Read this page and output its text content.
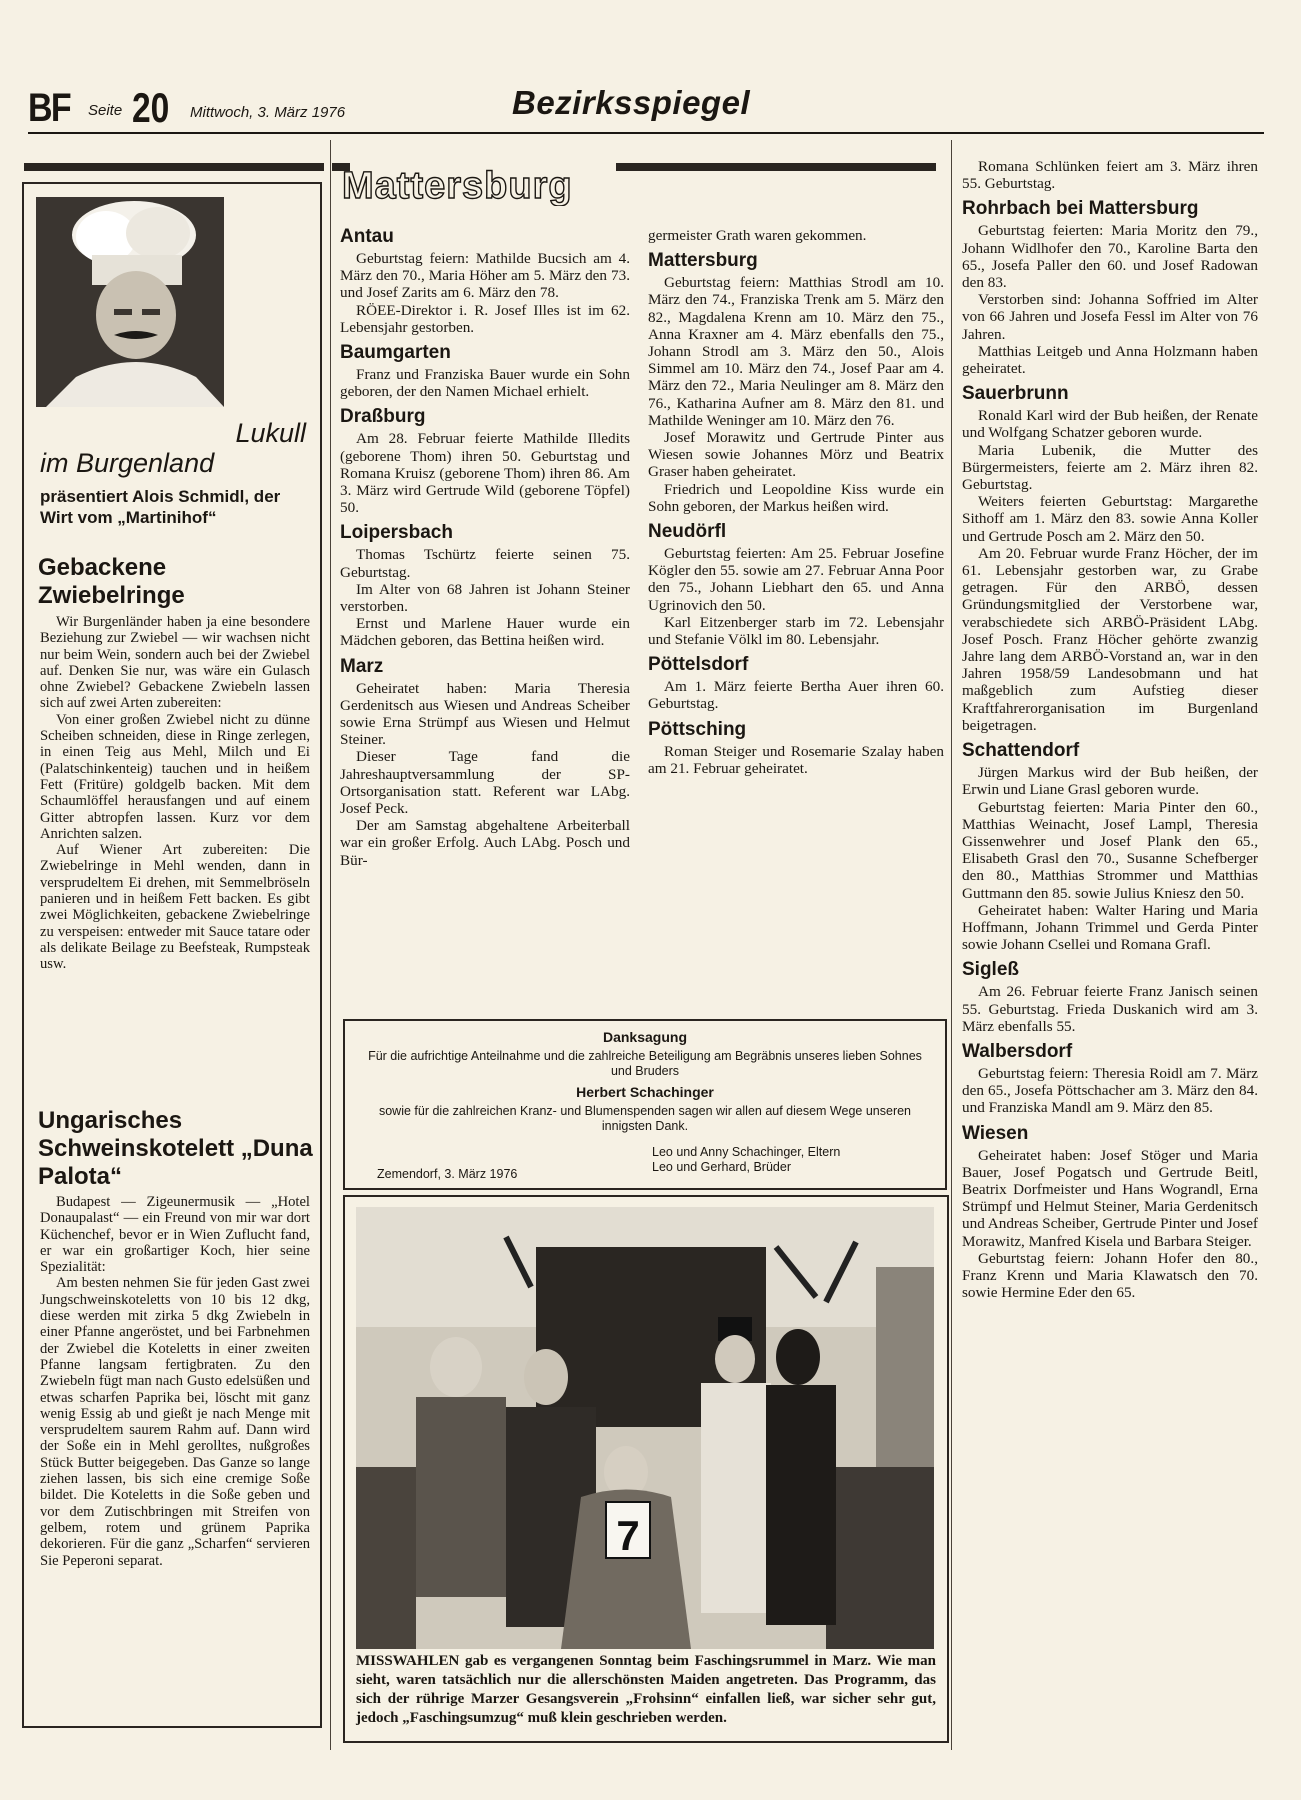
BF Seite 20 Mittwoch, 3. März 1976	Bezirksspiegel
Lukull
im Burgenland
präsentiert Alois Schmidl, der Wirt vom „Martinihof“
Gebackene Zwiebelringe

Wir Burgenländer haben ja eine besondere Beziehung zur Zwiebel — wir wachsen nicht nur beim Wein, sondern auch bei der Zwiebel auf. Denken Sie nur, was wäre ein Gulasch ohne Zwiebel? Gebackene Zwiebeln lassen sich auf zwei Arten zubereiten:

Von einer großen Zwiebel nicht zu dünne Scheiben schneiden, diese in Ringe zerlegen, in einen Teig aus Mehl, Milch und Ei (Palatschinkenteig) tauchen und in heißem Fett (Fritüre) goldgelb backen. Mit dem Schaumlöffel herausfangen und auf einem Gitter abtropfen lassen. Kurz vor dem Anrichten salzen.

Auf Wiener Art zubereiten: Die Zwiebelringe in Mehl wenden, dann in versprudeltem Ei drehen, mit Semmelbröseln panieren und in heißem Fett backen. Es gibt zwei Möglichkeiten, gebackene Zwiebelringe zu verspeisen: entweder mit Sauce tatare oder als delikate Beilage zu Beefsteak, Rumpsteak usw.

Ungarisches Schweinskotelett „Duna Palota“

Budapest — Zigeunermusik — „Hotel Donaupalast“ — ein Freund von mir war dort Küchenchef, bevor er in Wien Zuflucht fand, er war ein großartiger Koch, hier seine Spezialität:

Am besten nehmen Sie für jeden Gast zwei Jungschweinskoteletts von 10 bis 12 dkg, diese werden mit zirka 5 dkg Zwiebeln in einer Pfanne angeröstet, und bei Farbnehmen der Zwiebel die Koteletts in einer zweiten Pfanne langsam fertigbraten. Zu den Zwiebeln fügt man nach Gusto edelsüßen und etwas scharfen Paprika bei, löscht mit ganz wenig Essig ab und gießt je nach Menge mit versprudeltem saurem Rahm auf. Dann wird der Soße ein in Mehl gerolltes, nußgroßes Stück Butter beigegeben. Das Ganze so lange ziehen lassen, bis sich eine cremige Soße bildet. Die Koteletts in die Soße geben und vor dem Zutischbringen mit Streifen von gelbem, rotem und grünem Paprika dekorieren. Für die ganz „Scharfen“ servieren Sie Peperoni separat.

Mattersburg
Antau

Geburtstag feiern: Mathilde Bucsich am 4. März den 70., Maria Höher am 5. März den 73. und Josef Zarits am 6. März den 78.

RÖEE-Direktor i. R. Josef Illes ist im 62. Lebensjahr gestorben.

Baumgarten

Franz und Franziska Bauer wurde ein Sohn geboren, der den Namen Michael erhielt.

Draßburg

Am 28. Februar feierte Mathilde Illedits (geborene Thom) ihren 50. Geburtstag und Romana Kruisz (geborene Thom) ihren 86. Am 3. März wird Gertrude Wild (geborene Töpfel) 50.

Loipersbach

Thomas Tschürtz feierte seinen 75. Geburtstag.

Im Alter von 68 Jahren ist Johann Steiner verstorben.

Ernst und Marlene Hauer wurde ein Mädchen geboren, das Bettina heißen wird.

Marz

Geheiratet haben: Maria Theresia Gerdenitsch aus Wiesen und Andreas Scheiber sowie Erna Strümpf aus Wiesen und Helmut Steiner.

Dieser Tage fand die Jahreshauptversammlung der SP-Ortsorganisation statt. Referent war LAbg. Josef Peck.

Der am Samstag abgehaltene Arbeiterball war ein großer Erfolg. Auch LAbg. Posch und Bür-

germeister Grath waren gekommen.

Mattersburg

Geburtstag feiern: Matthias Strodl am 10. März den 74., Franziska Trenk am 5. März den 82., Magdalena Krenn am 10. März den 75., Anna Kraxner am 4. März ebenfalls den 75., Johann Strodl am 3. März den 50., Alois Simmel am 10. März den 74., Josef Paar am 4. März den 72., Maria Neulinger am 8. März den 76., Katharina Aufner am 8. März den 81. und Mathilde Weninger am 10. März den 76.

Josef Morawitz und Gertrude Pinter aus Wiesen sowie Johannes Mörz und Beatrix Graser haben geheiratet.

Friedrich und Leopoldine Kiss wurde ein Sohn geboren, der Markus heißen wird.

Neudörfl

Geburtstag feierten: Am 25. Februar Josefine Kögler den 55. sowie am 27. Februar Anna Poor den 75., Johann Liebhart den 65. und Anna Ugrinovich den 50.

Karl Eitzenberger starb im 72. Lebensjahr und Stefanie Völkl im 80. Lebensjahr.

Pöttelsdorf

Am 1. März feierte Bertha Auer ihren 60. Geburtstag.

Pöttsching

Roman Steiger und Rosemarie Szalay haben am 21. Februar geheiratet.

Romana Schlünken feiert am 3. März ihren 55. Geburtstag.

Rohrbach bei Mattersburg

Geburtstag feierten: Maria Moritz den 79., Johann Widlhofer den 70., Karoline Barta den 65., Josefa Paller den 60. und Josef Radowan den 83.

Verstorben sind: Johanna Soffried im Alter von 66 Jahren und Josefa Fessl im Alter von 76 Jahren.

Matthias Leitgeb und Anna Holzmann haben geheiratet.

Sauerbrunn

Ronald Karl wird der Bub heißen, der Renate und Wolfgang Schatzer geboren wurde.

Maria Lubenik, die Mutter des Bürgermeisters, feierte am 2. März ihren 82. Geburtstag.

Weiters feierten Geburtstag: Margarethe Sithoff am 1. März den 83. sowie Anna Koller und Gertrude Posch am 2. März den 50.

Am 20. Februar wurde Franz Höcher, der im 61. Lebensjahr gestorben war, zu Grabe getragen. Für den ARBÖ, dessen Gründungsmitglied der Verstorbene war, verabschiedete sich ARBÖ-Präsident LAbg. Josef Posch. Franz Höcher gehörte zwanzig Jahre lang dem ARBÖ-Vorstand an, war in den Jahren 1958/59 Landesobmann und hat maßgeblich zum Aufstieg dieser Kraftfahrerorganisation im Burgenland beigetragen.

Schattendorf

Jürgen Markus wird der Bub heißen, der Erwin und Liane Grasl geboren wurde.

Geburtstag feierten: Maria Pinter den 60., Matthias Weinacht, Josef Lampl, Theresia Gissenwehrer und Josef Plank den 65., Elisabeth Grasl den 70., Susanne Schefberger den 80., Matthias Strommer und Matthias Guttmann den 85. sowie Julius Kniesz den 50.

Geheiratet haben: Walter Haring und Maria Hoffmann, Johann Trimmel und Gerda Pinter sowie Johann Csellei und Romana Grafl.

Sigleß

Am 26. Februar feierte Franz Janisch seinen 55. Geburtstag. Frieda Duskanich wird am 3. März ebenfalls 55.

Walbersdorf

Geburtstag feiern: Theresia Roidl am 7. März den 65., Josefa Pöttschacher am 3. März den 84. und Franziska Mandl am 9. März den 85.

Wiesen

Geheiratet haben: Josef Stöger und Maria Bauer, Josef Pogatsch und Gertrude Beitl, Beatrix Dorfmeister und Hans Wograndl, Erna Strümpf und Helmut Steiner, Maria Gerdenitsch und Andreas Scheiber, Gertrude Pinter und Josef Morawitz, Manfred Kisela und Barbara Steiger.

Geburtstag feiern: Johann Hofer den 80., Franz Krenn und Maria Klawatsch den 70. sowie Hermine Eder den 65.

Danksagung
Für die aufrichtige Anteilnahme und die zahlreiche Beteiligung am Begräbnis unseres lieben Sohnes und Bruders
Herbert Schachinger
sowie für die zahlreichen Kranz- und Blumenspenden sagen wir allen auf diesem Wege unseren innigsten Dank.
Leo und Anny Schachinger, Eltern
Leo und Gerhard, Brüder
Zemendorf, 3. März 1976
7
MISSWAHLEN gab es vergangenen Sonntag beim Faschingsrummel in Marz. Wie man sieht, waren tatsächlich nur die allerschönsten Maiden angetreten. Das Programm, das sich der rührige Marzer Gesangsverein „Frohsinn“ einfallen ließ, war sicher sehr gut, jedoch „Faschingsumzug“ muß klein geschrieben werden.
